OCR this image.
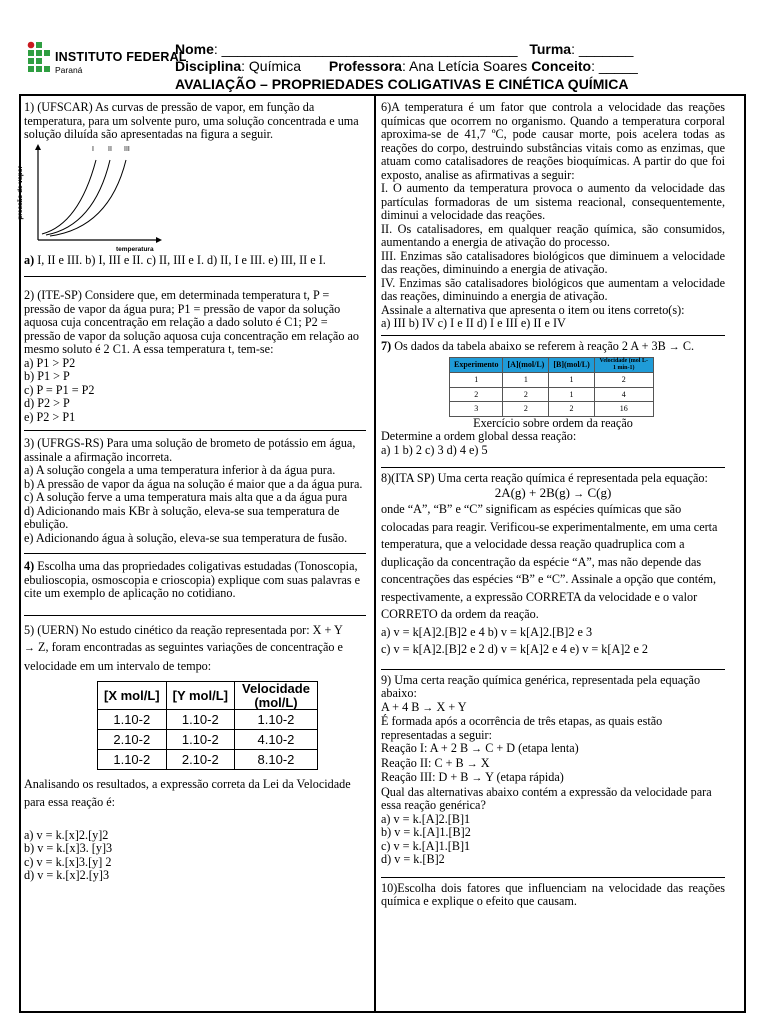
INSTITUTO FEDERAL
Paraná
Nome: ______________________________________ Turma: _______
Disciplina: Química Professora: Ana Letícia Soares Conceito: _____
AVALIAÇÃO – PROPRIEDADES COLIGATIVAS E CINÉTICA QUÍMICA

1) (UFSCAR) As curvas de pressão de vapor, em função da temperatura, para um solvente puro, uma solução concentrada e uma solução diluída são apresentadas na figura a seguir.

I II III
pressão de vapor
temperatura

a) I, II e III. b) I, III e II. c) II, III e I. d) II, I e III. e) III, II e I.

2) (ITE-SP) Considere que, em determinada temperatura t, P = pressão de vapor da água pura; P1 = pressão de vapor da solução aquosa cuja concentração em relação a dado soluto é C1; P2 = pressão de vapor da solução aquosa cuja concentração em relação ao mesmo soluto é 2 C1. A essa temperatura t, tem-se:

a) P1 > P2

b) P1 > P

c) P = P1 = P2

d) P2 > P

e) P2 > P1

3) (UFRGS-RS) Para uma solução de brometo de potássio em água, assinale a afirmação incorreta.

a) A solução congela a uma temperatura inferior à da água pura.

b) A pressão de vapor da água na solução é maior que a da água pura.

c) A solução ferve a uma temperatura mais alta que a da água pura

d) Adicionando mais KBr à solução, eleva-se sua temperatura de ebulição.

e) Adicionando água à solução, eleva-se sua temperatura de fusão.

4) Escolha uma das propriedades coligativas estudadas (Tonoscopia, ebulioscopia, osmoscopia e crioscopia) explique com suas palavras e cite um exemplo de aplicação no cotidiano.

5) (UERN) No estudo cinético da reação representada por: X + Y
→ Z, foram encontradas as seguintes variações de concentração e velocidade em um intervalo de tempo:

[X mol/L]	[Y mol/L]	Velocidade (mol/L)
1.10-2	1.10-2	1.10-2
2.10-2	1.10-2	4.10-2
1.10-2	2.10-2	8.10-2

Analisando os resultados, a expressão correta da Lei da Velocidade para essa reação é:

a) v = k.[x]2.[y]2

b) v = k.[x]3. [y]3

c) v = k.[x]3.[y] 2

d) v = k.[x]2.[y]3

6)A temperatura é um fator que controla a velocidade das reações químicas que ocorrem no organismo. Quando a temperatura corporal aproxima-se de 41,7 ºC, pode causar morte, pois acelera todas as reações do corpo, destruindo substâncias vitais como as enzimas, que atuam como catalisadores de reações bioquímicas. A partir do que foi exposto, analise as afirmativas a seguir:

I. O aumento da temperatura provoca o aumento da velocidade das partículas formadoras de um sistema reacional, consequentemente, diminui a velocidade das reações.

II. Os catalisadores, em qualquer reação química, são consumidos, aumentando a energia de ativação do processo.

III. Enzimas são catalisadores biológicos que diminuem a velocidade das reações, diminuindo a energia de ativação.

IV. Enzimas são catalisadores biológicos que aumentam a velocidade das reações, diminuindo a energia de ativação.

Assinale a alternativa que apresenta o item ou itens correto(s):

a) III b) IV c) I e II d) I e III e) II e IV

7) Os dados da tabela abaixo se referem à reação 2 A + 3B → C.

Experimento	[A](mol/L)	[B](mol/L)	Velocidade (mol L-1 min-1)
1	1	1	2
2	2	1	4
3	2	2	16

Exercício sobre ordem da reação

Determine a ordem global dessa reação:

a) 1 b) 2 c) 3 d) 4 e) 5

8)(ITA SP) Uma certa reação química é representada pela equação:

2A(g) + 2B(g) → C(g)

onde “A”, “B” e “C” significam as espécies químicas que são colocadas para reagir. Verificou-se experimentalmente, em uma certa temperatura, que a velocidade dessa reação quadruplica com a duplicação da concentração da espécie “A”, mas não depende das concentrações das espécies “B” e “C”. Assinale a opção que contém, respectivamente, a expressão CORRETA da velocidade e o valor CORRETO da ordem da reação.

a) v = k[A]2.[B]2 e 4 b) v = k[A]2.[B]2 e 3

c) v = k[A]2.[B]2 e 2 d) v = k[A]2 e 4 e) v = k[A]2 e 2

9) Uma certa reação química genérica, representada pela equação abaixo:

A + 4 B → X + Y

É formada após a ocorrência de três etapas, as quais estão representadas a seguir:

Reação I: A + 2 B → C + D (etapa lenta)

Reação II: C + B → X

Reação III: D + B → Y (etapa rápida)

Qual das alternativas abaixo contém a expressão da velocidade para essa reação genérica?

a) v = k.[A]2.[B]1

b) v = k.[A]1.[B]2

c) v = k.[A]1.[B]1

d) v = k.[B]2

10)Escolha dois fatores que influenciam na velocidade das reações química e explique o efeito que causam.
